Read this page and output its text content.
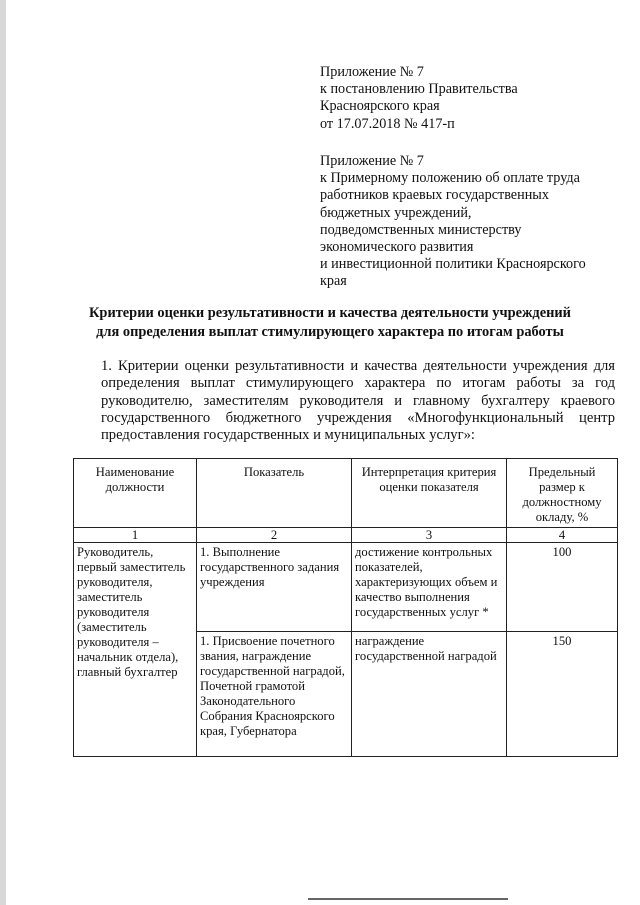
Приложение № 7
к постановлению Правительства
Красноярского края
от 17.07.2018 № 417-п
Приложение № 7
к Примерному положению об оплате труда
работников краевых государственных
бюджетных учреждений,
подведомственных министерству
экономического развития
и инвестиционной политики Красноярского
края
Критерии оценки результативности и качества деятельности учреждений
для определения выплат стимулирующего характера по итогам работы
1. Критерии оценки результативности и качества деятельности учреждения для определения выплат стимулирующего характера по итогам работы за год руководителю, заместителям руководителя и главному бухгалтеру краевого государственного бюджетного учреждения «Многофункциональный центр предоставления государственных и муниципальных услуг»:
Наименование должности	Показатель	Интерпретация критерия оценки показателя	Предельный размер к должностному окладу, %
1	2	3	4
Руководитель, первый заместитель руководителя, заместитель руководителя (заместитель руководителя – начальник отдела), главный бухгалтер	1. Выполнение государственного задания учреждения	достижение контрольных показателей, характеризующих объем и качество выполнения государственных услуг *	100
	1. Присвоение почетного звания, награждение государственной наградой, Почетной грамотой Законодательного Собрания Красноярского края, Губернатора	награждение государственной наградой	150
